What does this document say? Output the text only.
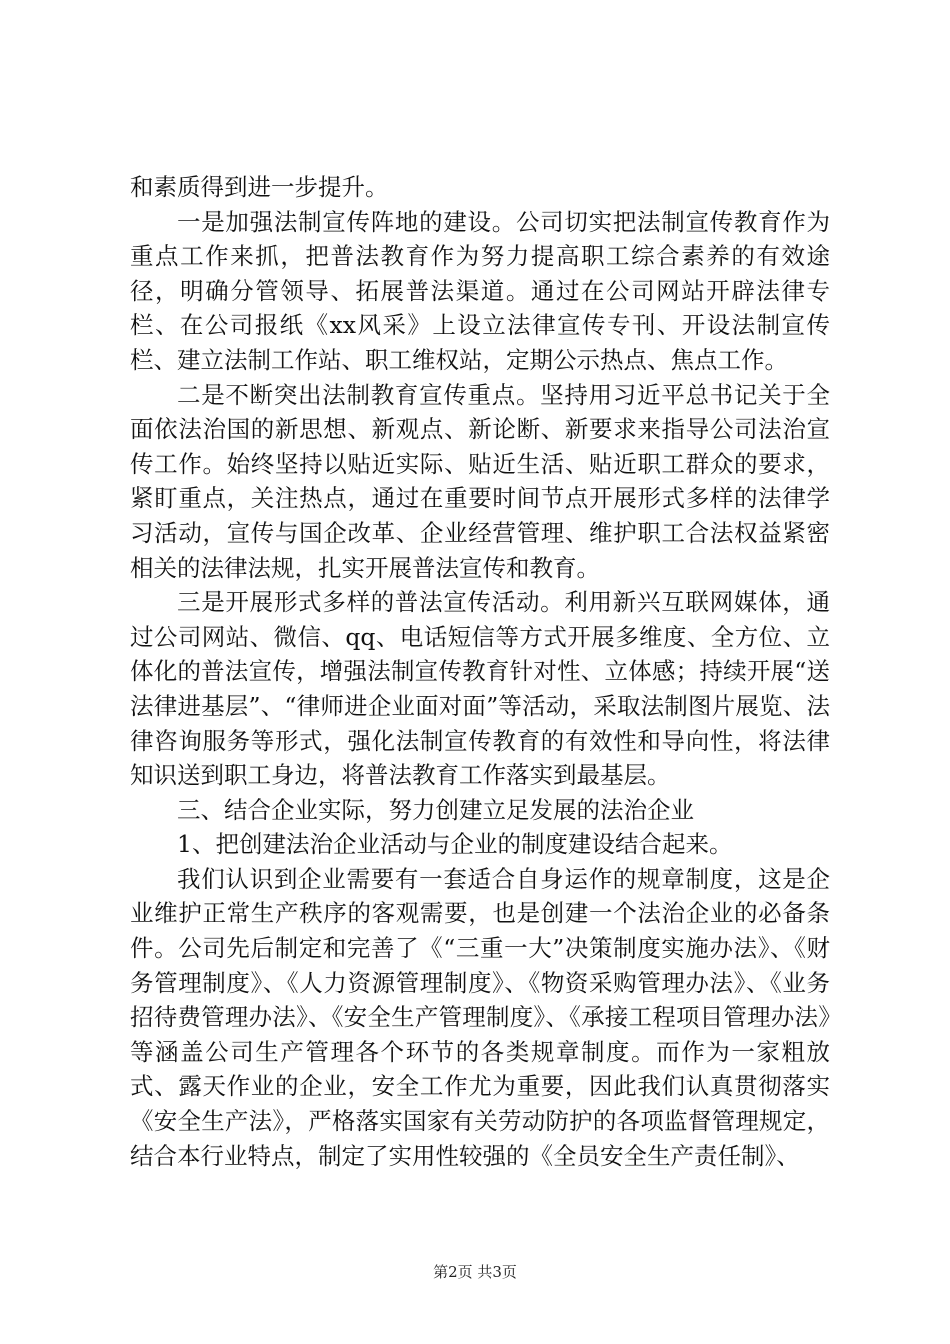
和素质得到进一步提升。

一是加强法制宣传阵地的建设。公司切实把法制宣传教育作为重点工作来抓，把普法教育作为努力提高职工综合素养的有效途径，明确分管领导、拓展普法渠道。通过在公司网站开辟法律专栏、在公司报纸《xx风采》上设立法律宣传专刊、开设法制宣传栏、建立法制工作站、职工维权站，定期公示热点、焦点工作。

二是不断突出法制教育宣传重点。坚持用习近平总书记关于全面依法治国的新思想、新观点、新论断、新要求来指导公司法治宣传工作。始终坚持以贴近实际、贴近生活、贴近职工群众的要求，紧盯重点，关注热点，通过在重要时间节点开展形式多样的法律学习活动，宣传与国企改革、企业经营管理、维护职工合法权益紧密相关的法律法规，扎实开展普法宣传和教育。

三是开展形式多样的普法宣传活动。利用新兴互联网媒体，通过公司网站、微信、qq、电话短信等方式开展多维度、全方位、立体化的普法宣传，增强法制宣传教育针对性、立体感；持续开展“送法律进基层”、“律师进企业面对面”等活动，采取法制图片展览、法律咨询服务等形式，强化法制宣传教育的有效性和导向性，将法律知识送到职工身边，将普法教育工作落实到最基层。

三、结合企业实际，努力创建立足发展的法治企业

1、把创建法治企业活动与企业的制度建设结合起来。

我们认识到企业需要有一套适合自身运作的规章制度，这是企业维护正常生产秩序的客观需要，也是创建一个法治企业的必备条件。公司先后制定和完善了《“三重一大”决策制度实施办法》、《财务管理制度》、《人力资源管理制度》、《物资采购管理办法》、《业务招待费管理办法》、《安全生产管理制度》、《承接工程项目管理办法》等涵盖公司生产管理各个环节的各类规章制度。而作为一家粗放式、露天作业的企业，安全工作尤为重要，因此我们认真贯彻落实《安全生产法》，严格落实国家有关劳动防护的各项监督管理规定，结合本行业特点，制定了实用性较强的《全员安全生产责任制》、

第2页 共3页
